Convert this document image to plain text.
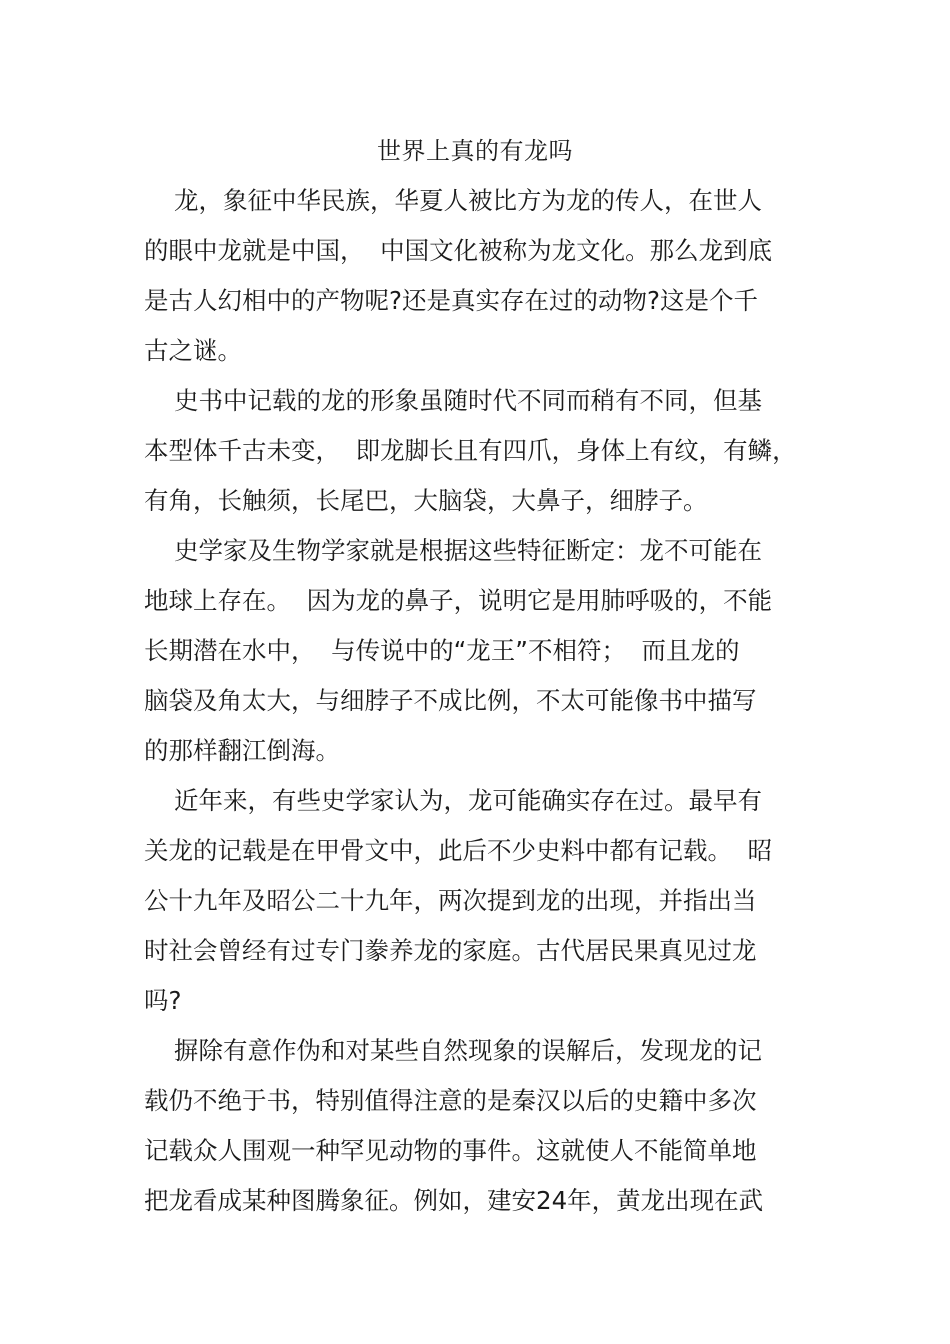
世界上真的有龙吗
龙，象征中华民族，华夏人被比方为龙的传人，在世人
的眼中龙就是中国，  中国文化被称为龙文化。那么龙到底
是古人幻相中的产物呢?还是真实存在过的动物?这是个千
古之谜。
史书中记载的龙的形象虽随时代不同而稍有不同，但基
本型体千古未变，  即龙脚长且有四爪，身体上有纹，有鳞，
有角，长触须，长尾巴，大脑袋，大鼻子，细脖子。
史学家及生物学家就是根据这些特征断定：龙不可能在
地球上存在。  因为龙的鼻子，说明它是用肺呼吸的，不能
长期潜在水中，  与传说中的“龙王”不相符；  而且龙的
脑袋及角太大，与细脖子不成比例，不太可能像书中描写
的那样翻江倒海。
近年来，有些史学家认为，龙可能确实存在过。最早有
关龙的记载是在甲骨文中，此后不少史料中都有记载。  昭
公十九年及昭公二十九年，两次提到龙的出现，并指出当
时社会曾经有过专门豢养龙的家庭。古代居民果真见过龙
吗?
摒除有意作伪和对某些自然现象的误解后，发现龙的记
载仍不绝于书，特别值得注意的是秦汉以后的史籍中多次
记载众人围观一种罕见动物的事件。这就使人不能简单地
把龙看成某种图腾象征。例如，建安24年，黄龙出现在武
